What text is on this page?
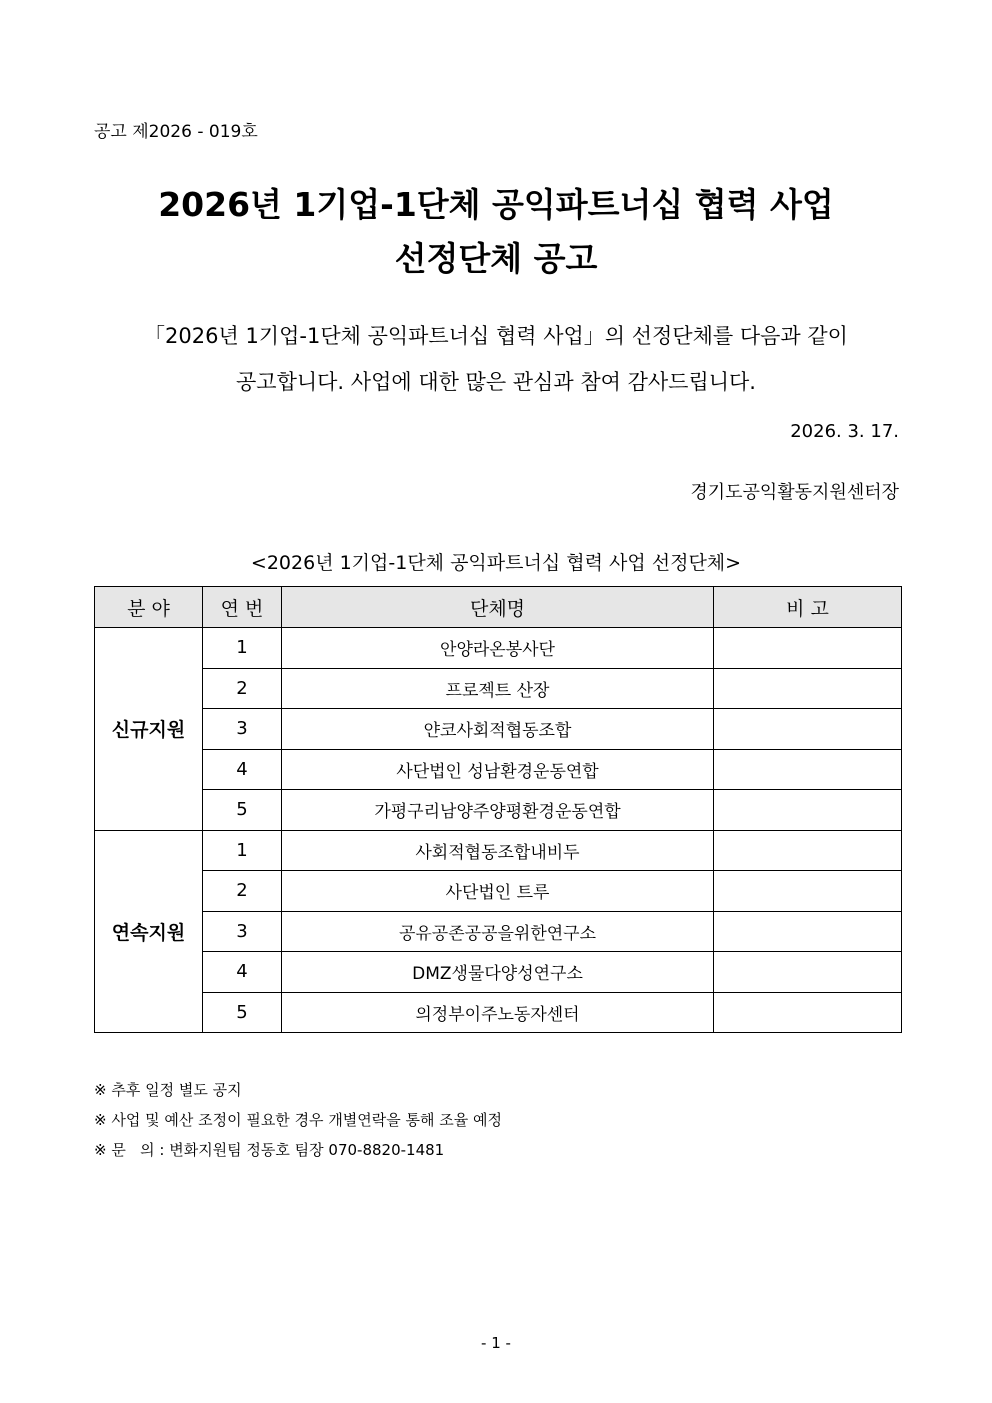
공고 제2026 - 019호
2026년 1기업-1단체 공익파트너십 협력 사업
선정단체 공고
「2026년 1기업-1단체 공익파트너십 협력 사업」의 선정단체를 다음과 같이
공고합니다. 사업에 대한 많은 관심과 참여 감사드립니다.
2026. 3. 17.
경기도공익활동지원센터장
<2026년 1기업-1단체 공익파트너십 협력 사업 선정단체>
분 야	연 번	단체명	비 고
신규지원	1	안양라온봉사단	
	2	프로젝트 산장	
	3	얀코사회적협동조합	
	4	사단법인 성남환경운동연합	
	5	가평구리남양주양평환경운동연합	
연속지원	1	사회적협동조합내비두	
	2	사단법인 트루	
	3	공유공존공공을위한연구소	
	4	DMZ생물다양성연구소	
	5	의정부이주노동자센터	
※ 추후 일정 별도 공지
※ 사업 및 예산 조정이 필요한 경우 개별연락을 통해 조율 예정
※ 문   의 : 변화지원팀 정동호 팀장 070-8820-1481
- 1 -
